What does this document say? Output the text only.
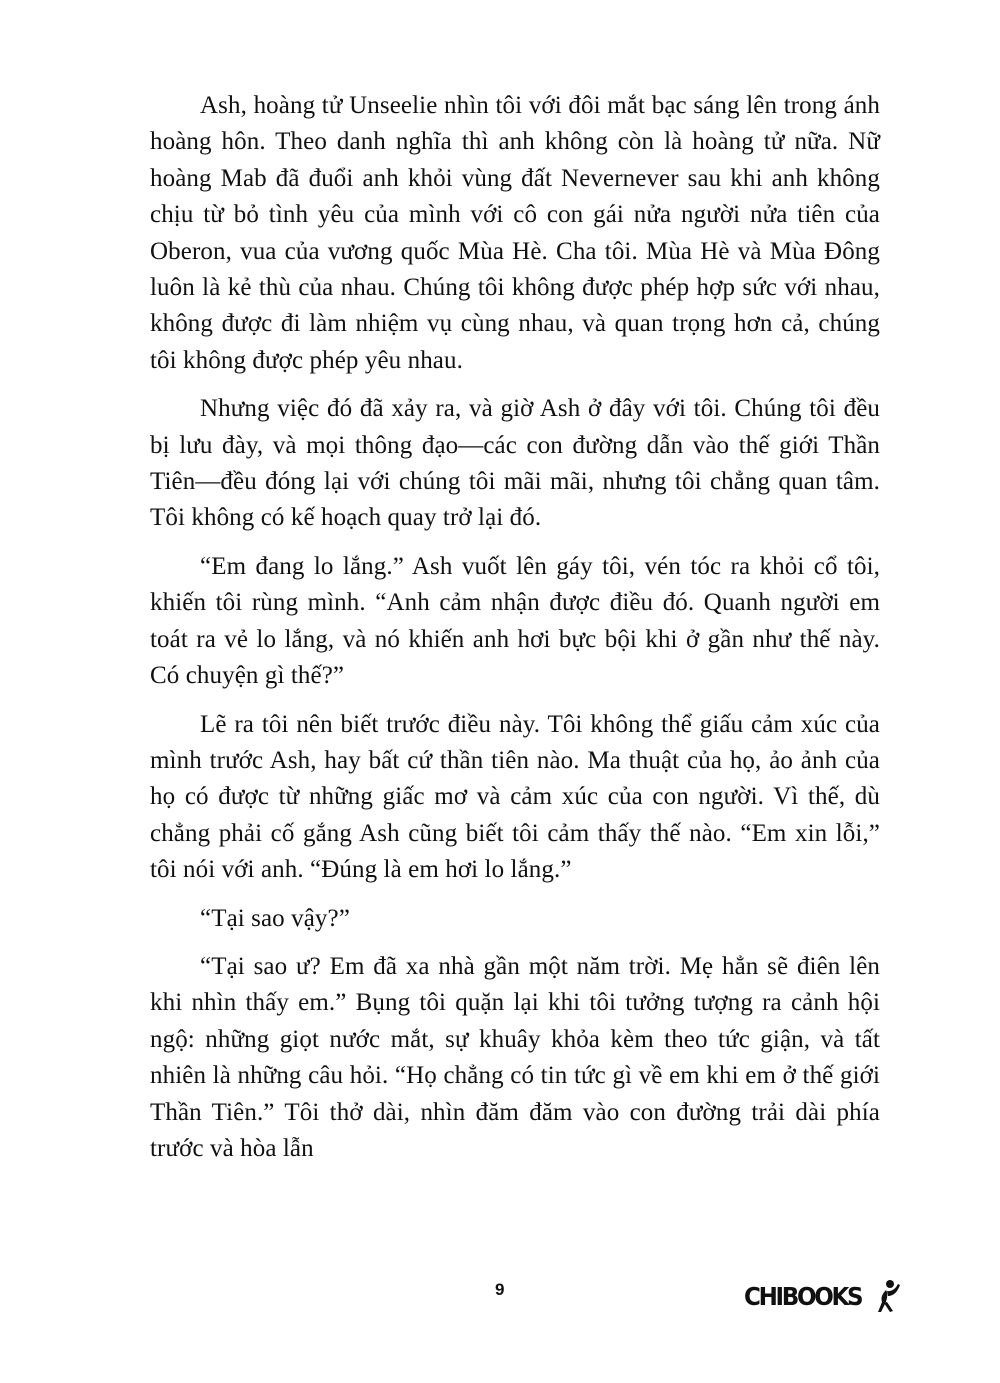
Ash, hoàng tử Unseelie nhìn tôi với đôi mắt bạc sáng lên trong ánh hoàng hôn. Theo danh nghĩa thì anh không còn là hoàng tử nữa. Nữ hoàng Mab đã đuổi anh khỏi vùng đất Nevernever sau khi anh không chịu từ bỏ tình yêu của mình với cô con gái nửa người nửa tiên của Oberon, vua của vương quốc Mùa Hè. Cha tôi. Mùa Hè và Mùa Đông luôn là kẻ thù của nhau. Chúng tôi không được phép hợp sức với nhau, không được đi làm nhiệm vụ cùng nhau, và quan trọng hơn cả, chúng tôi không được phép yêu nhau.

Nhưng việc đó đã xảy ra, và giờ Ash ở đây với tôi. Chúng tôi đều bị lưu đày, và mọi thông đạo—các con đường dẫn vào thế giới Thần Tiên—đều đóng lại với chúng tôi mãi mãi, nhưng tôi chẳng quan tâm. Tôi không có kế hoạch quay trở lại đó.

“Em đang lo lắng.” Ash vuốt lên gáy tôi, vén tóc ra khỏi cổ tôi, khiến tôi rùng mình. “Anh cảm nhận được điều đó. Quanh người em toát ra vẻ lo lắng, và nó khiến anh hơi bực bội khi ở gần như thế này. Có chuyện gì thế?”

Lẽ ra tôi nên biết trước điều này. Tôi không thể giấu cảm xúc của mình trước Ash, hay bất cứ thần tiên nào. Ma thuật của họ, ảo ảnh của họ có được từ những giấc mơ và cảm xúc của con người. Vì thế, dù chẳng phải cố gắng Ash cũng biết tôi cảm thấy thế nào. “Em xin lỗi,” tôi nói với anh. “Đúng là em hơi lo lắng.”

“Tại sao vậy?”

“Tại sao ư? Em đã xa nhà gần một năm trời. Mẹ hẳn sẽ điên lên khi nhìn thấy em.” Bụng tôi quặn lại khi tôi tưởng tượng ra cảnh hội ngộ: những giọt nước mắt, sự khuây khỏa kèm theo tức giận, và tất nhiên là những câu hỏi. “Họ chẳng có tin tức gì về em khi em ở thế giới Thần Tiên.” Tôi thở dài, nhìn đăm đăm vào con đường trải dài phía trước và hòa lẫn

9	CHIBOOKS
